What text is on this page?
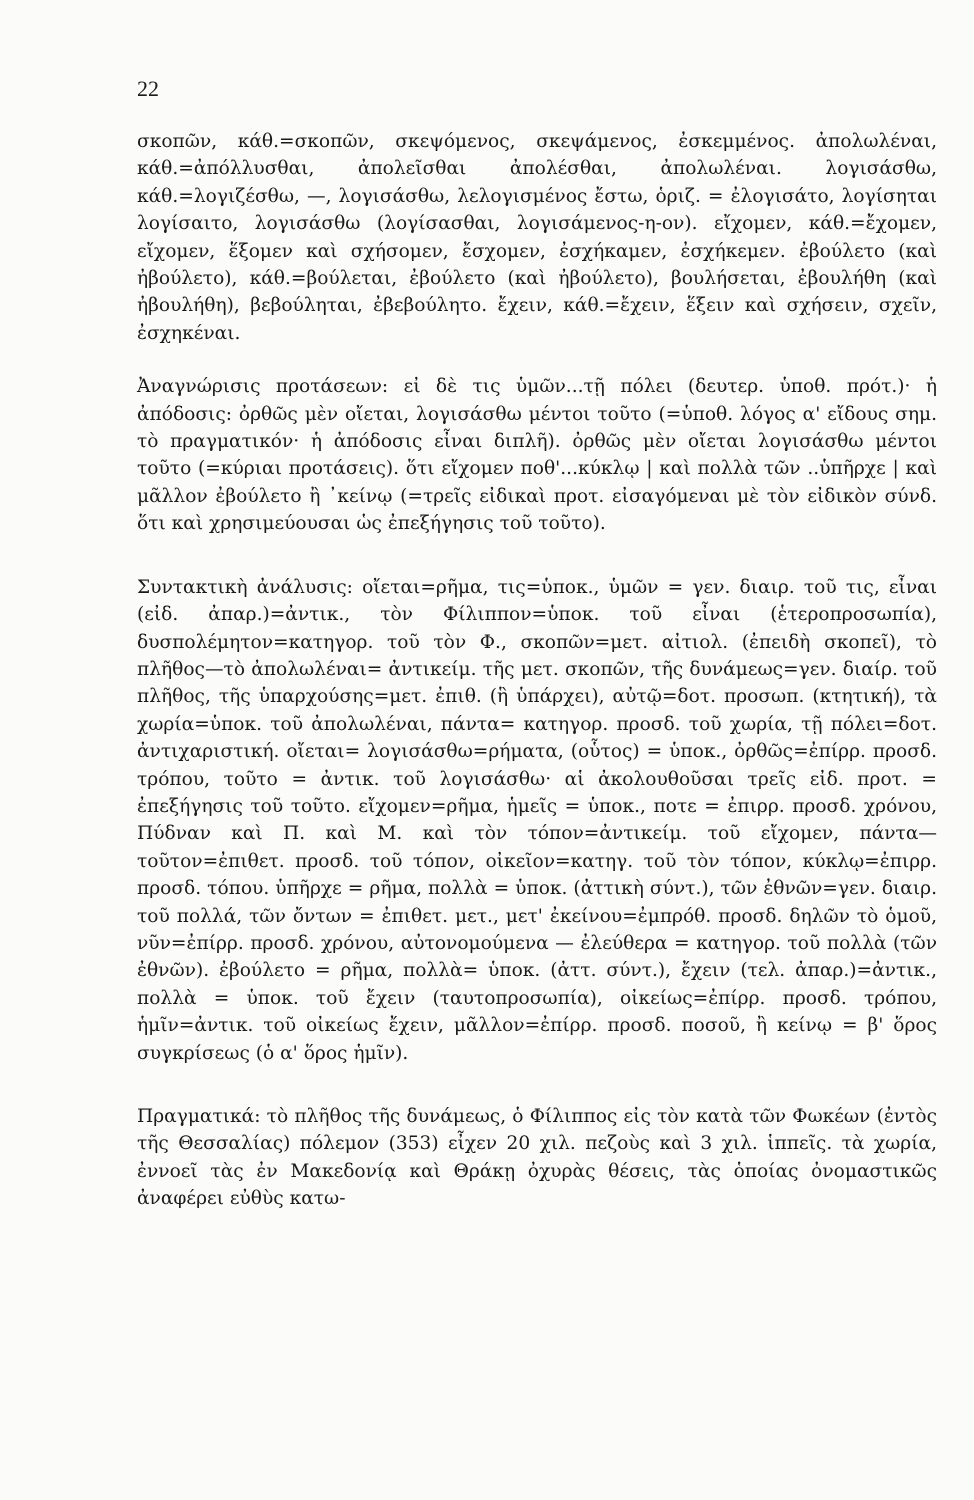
22

σκοπῶν, κάθ.=σκοπῶν, σκεψόμενος, σκεψάμενος, ἐσκεμμένος. ἀπολωλέναι, κάθ.=ἀπόλλυσθαι, ἀπολεῖσθαι ἀπολέσθαι, ἀπολωλέναι. λογισάσθω, κάθ.=λογιζέσθω, —, λογισάσθω, λελογισμένος ἔστω, ὁριζ. = ἐλογισάτο, λογίσηται λογίσαιτο, λογισάσθω (λογίσασθαι, λογισάμενος-η-ον). εἴχομεν, κάθ.=ἔχομεν, εἴχομεν, ἕξομεν καὶ σχήσομεν, ἔσχομεν, ἐσχήκαμεν, ἐσχήκεμεν. ἐβούλετο (καὶ ἠβούλετο), κάθ.=βούλεται, ἐβούλετο (καὶ ἠβούλετο), βουλήσεται, ἐβουλήθη (καὶ ἠβουλήθη), βεβούληται, ἐβεβούλητο. ἔχειν, κάθ.=ἔχειν, ἕξειν καὶ σχήσειν, σχεῖν, ἐσχηκέναι.

Ἀναγνώρισις προτάσεων: εἰ δὲ τις ὑμῶν...τῇ πόλει (δευτερ. ὑποθ. πρότ.)· ἡ ἀπόδοσις: ὀρθῶς μὲν οἴεται, λογισάσθω μέντοι τοῦτο (=ὑποθ. λόγος α' εἴδους σημ. τὸ πραγματικόν· ἡ ἀπόδοσις εἶναι διπλῆ). ὀρθῶς μὲν οἴεται λογισάσθω μέντοι τοῦτο (=κύριαι προτάσεις). ὅτι εἴχομεν ποθ'...κύκλῳ | καὶ πολλὰ τῶν ..ὑπῆρχε | καὶ μᾶλλον ἐβούλετο ἢ ᾽κείνῳ (=τρεῖς εἰδικαὶ προτ. εἰσαγόμεναι μὲ τὸν εἰδικὸν σύνδ. ὅτι καὶ χρησιμεύουσαι ὡς ἐπεξήγησις τοῦ τοῦτο).

Συντακτικὴ ἀνάλυσις: οἴεται=ρῆμα, τις=ὑποκ., ὑμῶν = γεν. διαιρ. τοῦ τις, εἶναι (εἰδ. ἀπαρ.)=ἀντικ., τὸν Φίλιππον=ὑποκ. τοῦ εἶναι (ἑτεροπροσωπία), δυσπολέμητον=κατηγορ. τοῦ τὸν Φ., σκοπῶν=μετ. αἰτιολ. (ἐπειδὴ σκοπεῖ), τὸ πλῆθος—τὸ ἀπολωλέναι= ἀντικείμ. τῆς μετ. σκοπῶν, τῆς δυνάμεως=γεν. διαίρ. τοῦ πλῆθος, τῆς ὑπαρχούσης=μετ. ἐπιθ. (ἣ ὑπάρχει), αὐτῷ=δοτ. προσωπ. (κτητική), τὰ χωρία=ὑποκ. τοῦ ἀπολωλέναι, πάντα= κατηγορ. προσδ. τοῦ χωρία, τῇ πόλει=δοτ. ἀντιχαριστική. οἴεται= λογισάσθω=ρήματα, (οὗτος) = ὑποκ., ὀρθῶς=ἐπίρρ. προσδ. τρόπου, τοῦτο = ἀντικ. τοῦ λογισάσθω· αἱ ἀκολουθοῦσαι τρεῖς εἰδ. προτ. = ἐπεξήγησις τοῦ τοῦτο. εἴχομεν=ρῆμα, ἡμεῖς = ὑποκ., ποτε = ἐπιρρ. προσδ. χρόνου, Πύδναν καὶ Π. καὶ Μ. καὶ τὸν τόπον=ἀντικείμ. τοῦ εἴχομεν, πάντα—τοῦτον=ἐπιθετ. προσδ. τοῦ τόπον, οἰκεῖον=κατηγ. τοῦ τὸν τόπον, κύκλῳ=ἐπιρρ. προσδ. τόπου. ὑπῆρχε = ρῆμα, πολλὰ = ὑποκ. (ἀττικὴ σύντ.), τῶν ἐθνῶν=γεν. διαιρ. τοῦ πολλά, τῶν ὄντων = ἐπιθετ. μετ., μετ' ἐκείνου=ἐμπρόθ. προσδ. δηλῶν τὸ ὁμοῦ, νῦν=ἐπίρρ. προσδ. χρόνου, αὐτονομούμενα — ἐλεύθερα = κατηγορ. τοῦ πολλὰ (τῶν ἐθνῶν). ἐβούλετο = ρῆμα, πολλὰ= ὑποκ. (ἀττ. σύντ.), ἔχειν (τελ. ἀπαρ.)=ἀντικ., πολλὰ = ὑποκ. τοῦ ἔχειν (ταυτοπροσωπία), οἰκείως=ἐπίρρ. προσδ. τρόπου, ἡμῖν=ἀντικ. τοῦ οἰκείως ἔχειν, μᾶλλον=ἐπίρρ. προσδ. ποσοῦ, ἢ κείνῳ = β' ὅρος συγκρίσεως (ὁ α' ὅρος ἡμῖν).

Πραγματικά: τὸ πλῆθος τῆς δυνάμεως, ὁ Φίλιππος εἰς τὸν κατὰ τῶν Φωκέων (ἐντὸς τῆς Θεσσαλίας) πόλεμον (353) εἶχεν 20 χιλ. πεζοὺς καὶ 3 χιλ. ἱππεῖς. τὰ χωρία, ἐννοεῖ τὰς ἐν Μακεδονίᾳ καὶ Θράκῃ ὀχυρὰς θέσεις, τὰς ὁποίας ὀνομαστικῶς ἀναφέρει εὐθὺς κατω-
